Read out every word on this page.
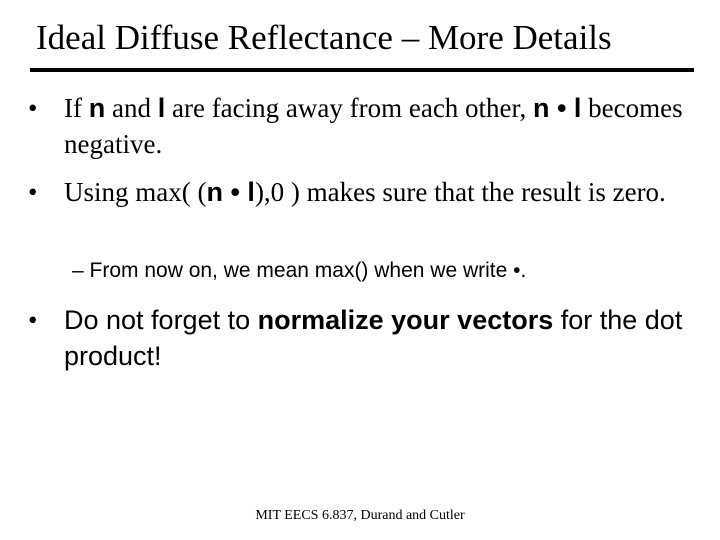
Ideal Diffuse Reflectance – More Details
• If n and l are facing away from each other, n • l becomes negative.
• Using max( (n • l),0 ) makes sure that the result is zero.
– From now on, we mean max() when we write •.
• Do not forget to normalize your vectors for the dot product!
MIT EECS 6.837, Durand and Cutler
